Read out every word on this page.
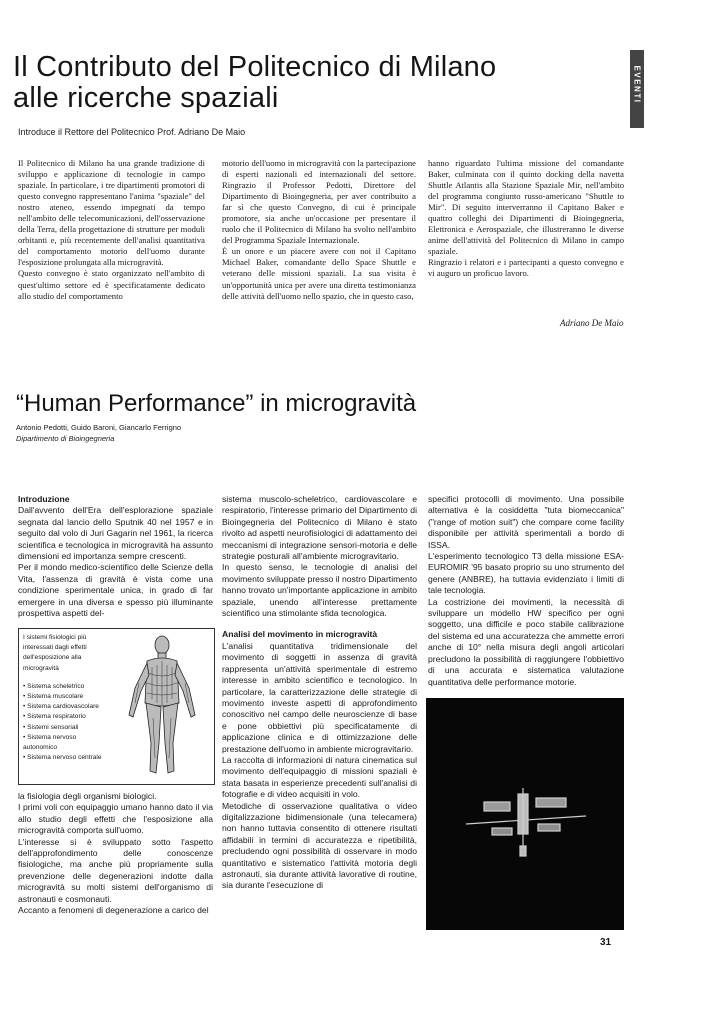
EVENTI
Il Contributo del Politecnico di Milano
alle ricerche spaziali
Introduce il Rettore del Politecnico Prof. Adriano De Maio

Il Politecnico di Milano ha una grande tradizione di sviluppo e applicazione di tecnologie in campo spaziale. In particolare, i tre dipartimenti promotori di questo convegno rappresentano l'anima "spaziale" del nostro ateneo, essendo impegnati da tempo nell'ambito delle telecomunicazioni, dell'osservazione della Terra, della progettazione di strutture per moduli orbitanti e, più recentemente dell'analisi quantitativa del comportamento motorio dell'uomo durante l'esposizione prolungata alla microgravità.

Questo convegno è stato organizzato nell'ambito di quest'ultimo settore ed è specificatamente dedicato allo studio del comportamento

motorio dell'uomo in microgravità con la partecipazione di esperti nazionali ed internazionali del settore. Ringrazio il Professor Pedotti, Direttore del Dipartimento di Bioingegneria, per aver contribuito a far sì che questo Convegno, di cui è principale promotore, sia anche un'occasione per presentare il ruolo che il Politecnico di Milano ha svolto nell'ambito del Programma Spaziale Internazionale.

È un onore e un piacere avere con noi il Capitano Michael Baker, comandante dello Space Shuttle e veterano delle missioni spaziali. La sua visita è un'opportunità unica per avere una diretta testimonianza delle attività dell'uomo nello spazio, che in questo caso,

hanno riguardato l'ultima missione del comandante Baker, culminata con il quinto docking della navetta Shuttle Atlantis alla Stazione Spaziale Mir, nell'ambito del programma congiunto russo-americano "Shuttle to Mir". Di seguito interverranno il Capitano Baker e quattro colleghi dei Dipartimenti di Bioingegneria, Elettronica e Aerospaziale, che illustreranno le diverse anime dell'attività del Politecnico di Milano in campo spaziale.

Ringrazio i relatori e i partecipanti a questo convegno e vi auguro un proficuo lavoro.

Adriano De Maio
“Human Performance” in microgravità
Antonio Pedotti, Guido Baroni, Giancarlo Ferrigno
Dipartimento di Bioingegneria

Introduzione

Dall'avvento dell'Era dell'esplorazione spaziale segnata dal lancio dello Sputnik 40 nel 1957 e in seguito dal volo di Juri Gagarin nel 1961, la ricerca scientifica e tecnologica in microgravità ha assunto dimensioni ed importanza sempre crescenti.

Per il mondo medico-scientifico delle Scienze della Vita, l'assenza di gravità è vista come una condizione sperimentale unica, in grado di far emergere in una diversa e spesso più illuminante prospettiva aspetti del-

I sistemi fisiologici più interessati dagli effetti dell'esposizione alla microgravità

• Sistema scheletrico

• Sistema muscolare

• Sistema cardiovascolare

• Sistema respiratorio

• Sistemi sensoriali

• Sistema nervoso autonomico

• Sistema nervoso centrale

la fisiologia degli organismi biologici.

I primi voli con equipaggio umano hanno dato il via allo studio degli effetti che l'esposizione alla microgravità comporta sull'uomo.

L'interesse si è sviluppato sotto l'aspetto dell'approfondimento delle conoscenze fisiologiche, ma anche più propriamente sulla prevenzione delle degenerazioni indotte dalla microgravità su molti sistemi dell'organismo di astronauti e cosmonauti.

Accanto a fenomeni di degenerazione a carico del

sistema muscolo-scheletrico, cardiovascolare e respiratorio, l'interesse primario del Dipartimento di Bioingegneria del Politecnico di Milano è stato rivolto ad aspetti neurofisiologici di adattamento dei meccanismi di integrazione sensori-motoria e delle strategie posturali all'ambiente microgravitario.

In questo senso, le tecnologie di analisi del movimento sviluppate presso il nostro Dipartimento hanno trovato un'importante applicazione in ambito spaziale, unendo all'interesse prettamente scientifico una stimolante sfida tecnologica.

Analisi del movimento in microgravità

L'analisi quantitativa tridimensionale del movimento di soggetti in assenza di gravità rappresenta un'attività sperimentale di estremo interesse in ambito scientifico e tecnologico. In particolare, la caratterizzazione delle strategie di movimento investe aspetti di approfondimento conoscitivo nel campo delle neuroscienze di base e pone obbiettivi più specificatamente di applicazione clinica e di ottimizzazione delle prestazione dell'uomo in ambiente microgravitario.

La raccolta di informazioni di natura cinematica sul movimento dell'equipaggio di missioni spaziali è stata basata in esperienze precedenti sull'analisi di fotografie e di video acquisiti in volo.

Metodiche di osservazione qualitativa o video digitalizzazione bidimensionale (una telecamera) non hanno tuttavia consentito di ottenere risultati affidabili in termini di accuratezza e ripetibilità, precludendo ogni possibilità di osservare in modo quantitativo e sistematico l'attività motoria degli astronauti, sia durante attività lavorative di routine, sia durante l'esecuzione di

specifici protocolli di movimento. Una possibile alternativa è la cosiddetta "tuta biomeccanica" ("range of motion suit") che compare come facility disponibile per attività sperimentali a bordo di ISSA.

L'esperimento tecnologico T3 della missione ESA-EUROMIR '95 basato proprio su uno strumento del genere (ANBRE), ha tuttavia evidenziato i limiti di tale tecnologia.

La costrizione dei movimenti, la necessità di sviluppare un modello HW specifico per ogni soggetto, una difficile e poco stabile calibrazione del sistema ed una accuratezza che ammette errori anche di 10° nella misura degli angoli articolari precludono la possibilità di raggiungere l'obbiettivo di una accurata e sistematica valutazione quantitativa delle performance motorie.

31
